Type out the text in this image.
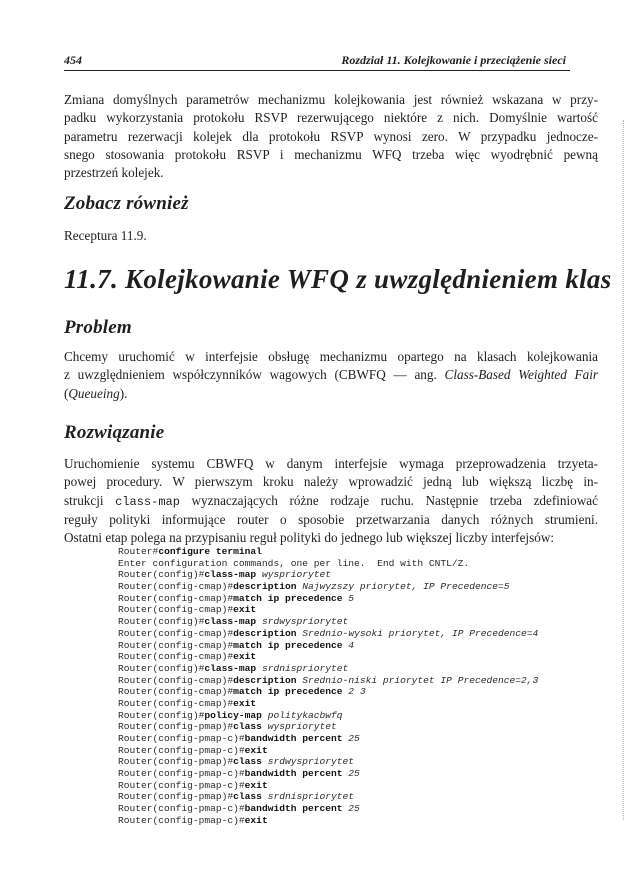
454	Rozdział 11. Kolejkowanie i przeciążenie sieci

Zmiana domyślnych parametrów mechanizmu kolejkowania jest również wskazana w przy-
padku wykorzystania protokołu RSVP rezerwującego niektóre z nich. Domyślnie wartość
parametru rezerwacji kolejek dla protokołu RSVP wynosi zero. W przypadku jednocze-
snego stosowania protokołu RSVP i mechanizmu WFQ trzeba więc wyodrębnić pewną
przestrzeń kolejek.

Zobacz również

Receptura 11.9.

11.7. Kolejkowanie WFQ z uwzględnieniem klas
Problem

Chcemy uruchomić w interfejsie obsługę mechanizmu opartego na klasach kolejkowania
z uwzględnieniem współczynników wagowych (CBWFQ — ang. Class-Based Weighted Fair
(Queueing).

Rozwiązanie

Uruchomienie systemu CBWFQ w danym interfejsie wymaga przeprowadzenia trzyeta-
powej procedury. W pierwszym kroku należy wprowadzić jedną lub większą liczbę in-
strukcji class-map wyznaczających różne rodzaje ruchu. Następnie trzeba zdefiniować
reguły polityki informujące router o sposobie przetwarzania danych różnych strumieni.
Ostatni etap polega na przypisaniu reguł polityki do jednego lub większej liczby interfejsów:

Router#configure terminal
Enter configuration commands, one per line.  End with CNTL/Z.
Router(config)#class-map wyspriorytet
Router(config-cmap)#description Najwyzszy priorytet, IP Precedence=5
Router(config-cmap)#match ip precedence 5
Router(config-cmap)#exit
Router(config)#class-map srdwyspriorytet
Router(config-cmap)#description Srednio-wysoki priorytet, IP Precedence=4
Router(config-cmap)#match ip precedence 4
Router(config-cmap)#exit
Router(config)#class-map srdnispriorytet
Router(config-cmap)#description Srednio-niski priorytet IP Precedence=2,3
Router(config-cmap)#match ip precedence 2 3
Router(config-cmap)#exit
Router(config)#policy-map politykacbwfq
Router(config-pmap)#class wyspriorytet
Router(config-pmap-c)#bandwidth percent 25
Router(config-pmap-c)#exit
Router(config-pmap)#class srdwyspriorytet
Router(config-pmap-c)#bandwidth percent 25
Router(config-pmap-c)#exit
Router(config-pmap)#class srdnispriorytet
Router(config-pmap-c)#bandwidth percent 25
Router(config-pmap-c)#exit
